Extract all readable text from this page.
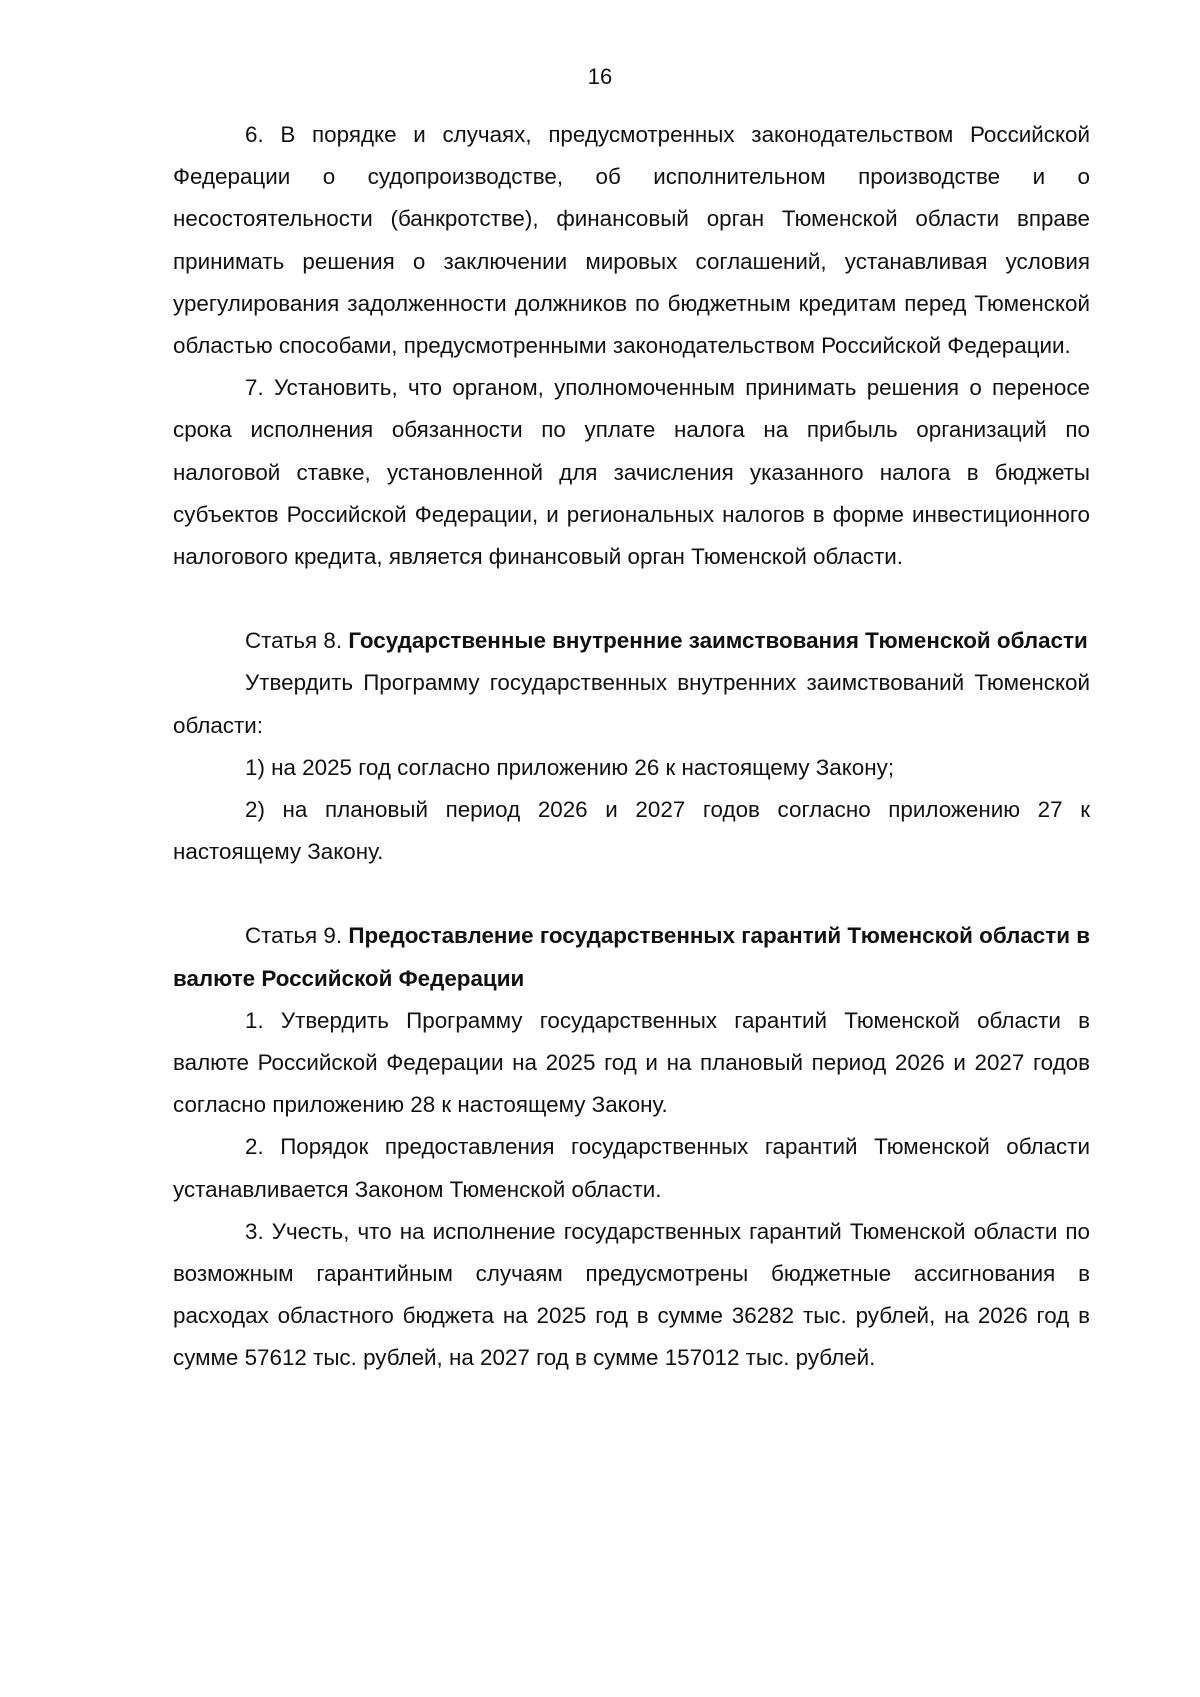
16

6. В порядке и случаях, предусмотренных законодательством Российской Федерации о судопроизводстве, об исполнительном производстве и о несостоятельности (банкротстве), финансовый орган Тюменской области вправе принимать решения о заключении мировых соглашений, устанавливая условия урегулирования задолженности должников по бюджетным кредитам перед Тюменской областью способами, предусмотренными законодательством Российской Федерации.

7. Установить, что органом, уполномоченным принимать решения о переносе срока исполнения обязанности по уплате налога на прибыль организаций по налоговой ставке, установленной для зачисления указанного налога в бюджеты субъектов Российской Федерации, и региональных налогов в форме инвестиционного налогового кредита, является финансовый орган Тюменской области.

Статья 8. Государственные внутренние заимствования Тюменской области

Утвердить Программу государственных внутренних заимствований Тюменской области:

1) на 2025 год согласно приложению 26 к настоящему Закону;

2) на плановый период 2026 и 2027 годов согласно приложению 27 к настоящему Закону.

Статья 9. Предоставление государственных гарантий Тюменской области в валюте Российской Федерации

1. Утвердить Программу государственных гарантий Тюменской области в валюте Российской Федерации на 2025 год и на плановый период 2026 и 2027 годов согласно приложению 28 к настоящему Закону.

2. Порядок предоставления государственных гарантий Тюменской области устанавливается Законом Тюменской области.

3. Учесть, что на исполнение государственных гарантий Тюменской области по возможным гарантийным случаям предусмотрены бюджетные ассигнования в расходах областного бюджета на 2025 год в сумме 36282 тыс. рублей, на 2026 год в сумме 57612 тыс. рублей, на 2027 год в сумме 157012 тыс. рублей.
